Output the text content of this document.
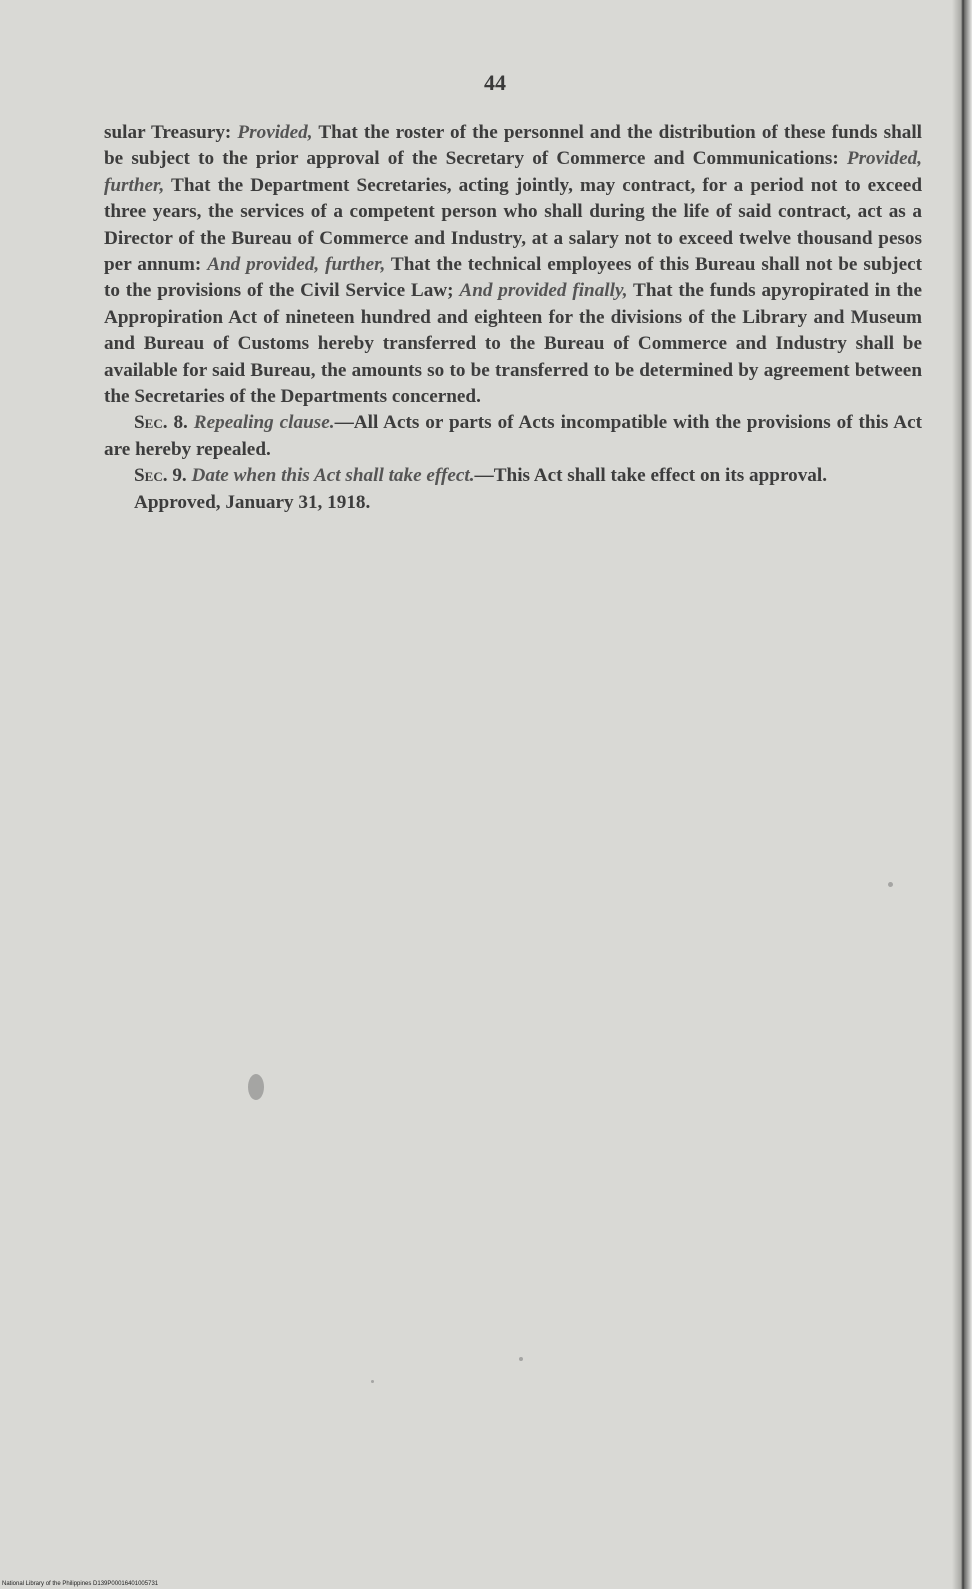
44

sular Treasury: Provided, That the roster of the personnel and the distribution of these funds shall be subject to the prior approval of the Secretary of Commerce and Communications: Provided, further, That the Department Secretaries, acting jointly, may contract, for a period not to exceed three years, the services of a competent person who shall during the life of said contract, act as a Director of the Bureau of Commerce and Industry, at a salary not to exceed twelve thousand pesos per annum: And provided, further, That the technical employees of this Bureau shall not be subject to the provisions of the Civil Service Law; And provided finally, That the funds apyropirated in the Appropiration Act of nineteen hundred and eighteen for the divisions of the Library and Museum and Bureau of Customs hereby transferred to the Bureau of Commerce and Industry shall be available for said Bureau, the amounts so to be transferred to be determined by agreement between the Secretaries of the Departments concerned.

Sec. 8. Repealing clause.—All Acts or parts of Acts incompatible with the provisions of this Act are hereby repealed.

Sec. 9. Date when this Act shall take effect.—This Act shall take effect on its approval.

Approved, January 31, 1918.

National Library of the Philippines D139P00016401005731
